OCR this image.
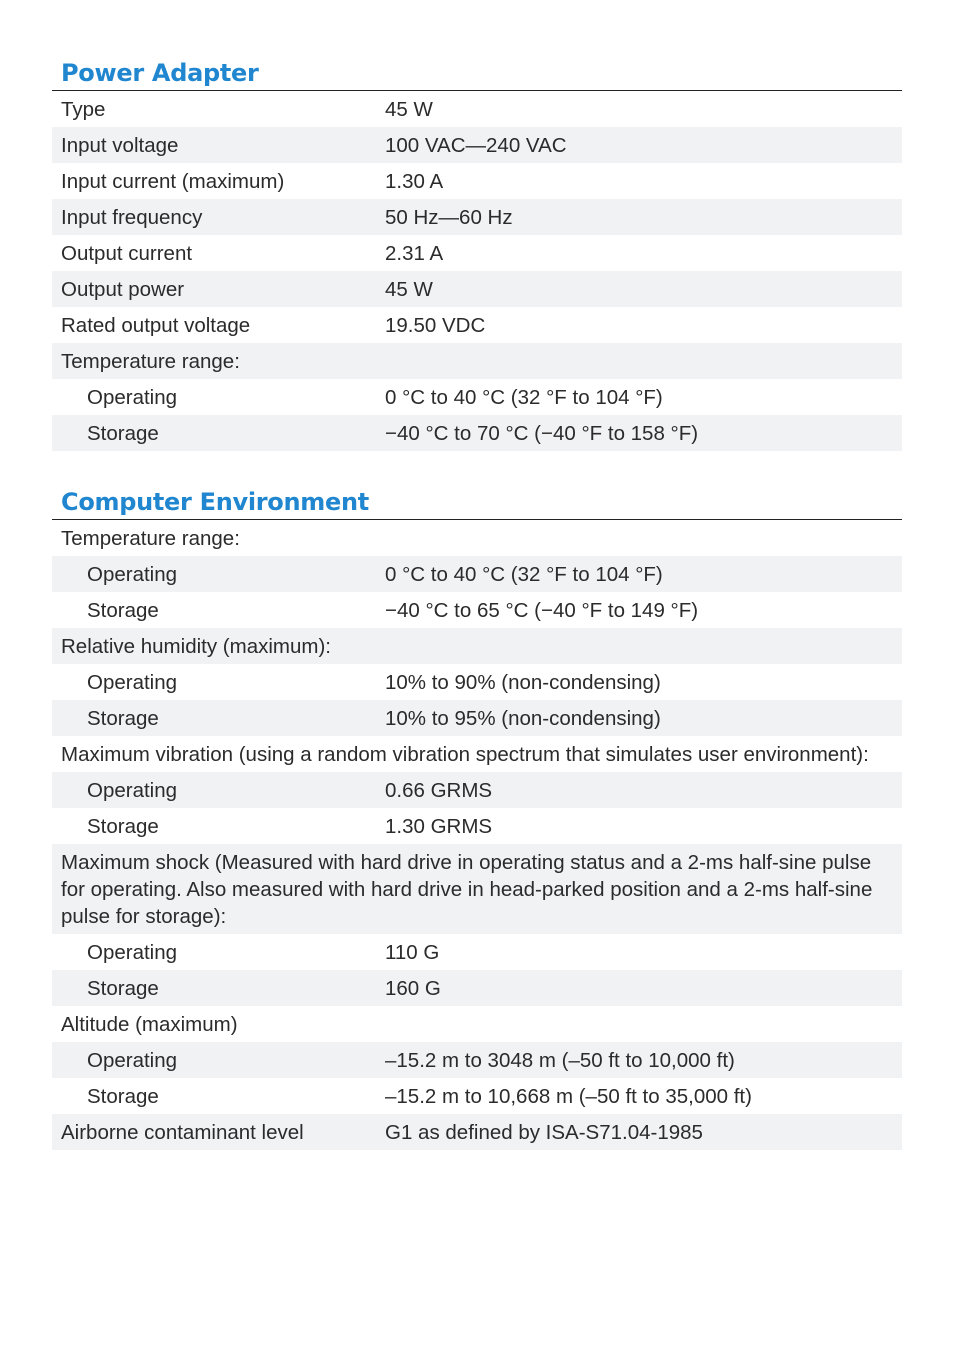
Power Adapter
Type	45 W
Input voltage	100 VAC—240 VAC
Input current (maximum)	1.30 A
Input frequency	50 Hz—60 Hz
Output current	2.31 A
Output power	45 W
Rated output voltage	19.50 VDC
Temperature range:	
Operating	0 °C to 40 °C (32 °F to 104 °F)
Storage	−40 °C to 70 °C (−40 °F to 158 °F)
Computer Environment
Temperature range:	
Operating	0 °C to 40 °C (32 °F to 104 °F)
Storage	−40 °C to 65 °C (−40 °F to 149 °F)
Relative humidity (maximum):	
Operating	10% to 90% (non-condensing)
Storage	10% to 95% (non-condensing)
Maximum vibration (using a random vibration spectrum that simulates user environment):	
Operating	0.66 GRMS
Storage	1.30 GRMS
Maximum shock (Measured with hard drive in operating status and a 2-ms half-sine pulse for operating. Also measured with hard drive in head-parked position and a 2-ms half-sine pulse for storage):	
Operating	110 G
Storage	160 G
Altitude (maximum)	
Operating	–15.2 m to 3048 m (–50 ft to 10,000 ft)
Storage	–15.2 m to 10,668 m (–50 ft to 35,000 ft)
Airborne contaminant level	G1 as defined by ISA-S71.04-1985
